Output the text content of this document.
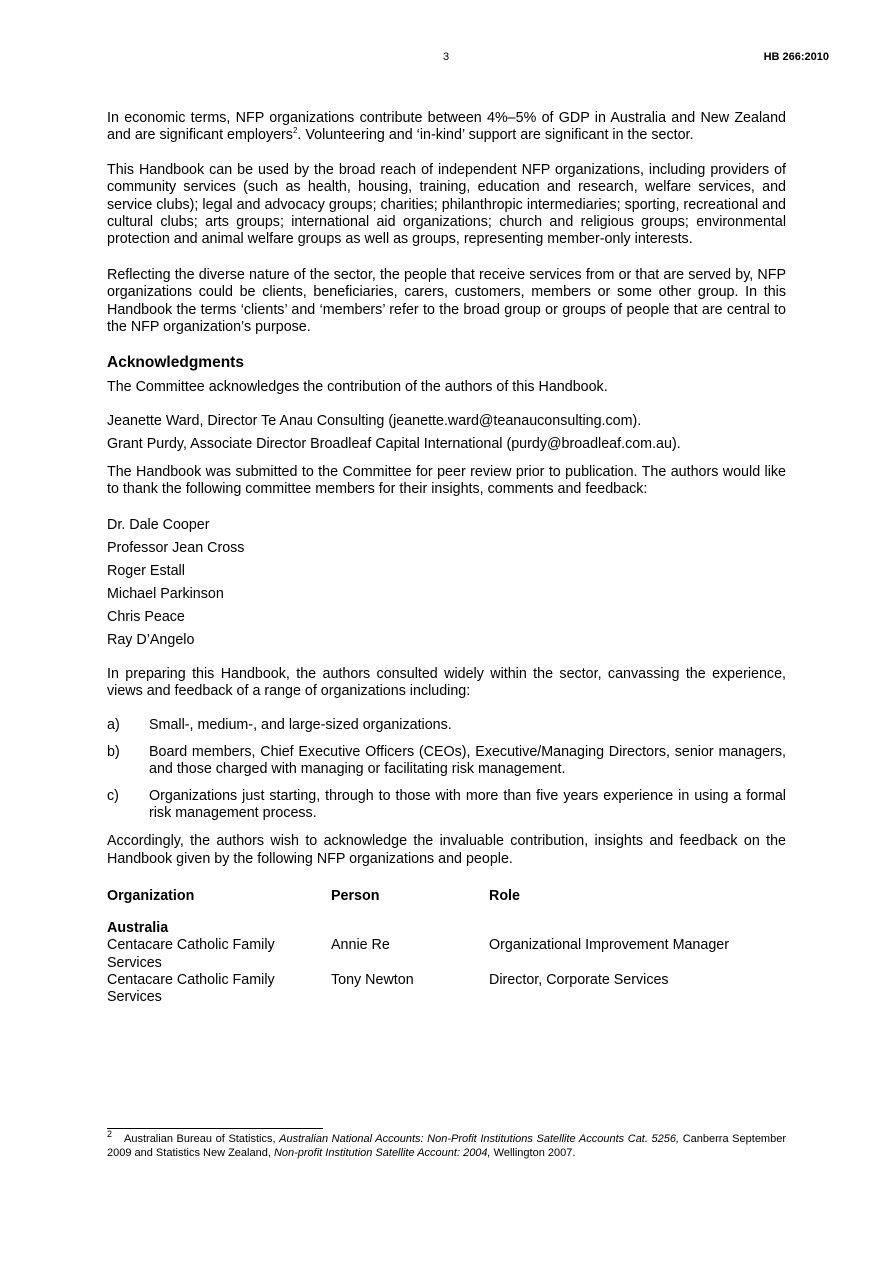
3	HB 266:2010

In economic terms, NFP organizations contribute between 4%–5% of GDP in Australia and New Zealand and are significant employers$^2$. Volunteering and ‘in-kind’ support are significant in the sector.

This Handbook can be used by the broad reach of independent NFP organizations, including providers of community services (such as health, housing, training, education and research, welfare services, and service clubs); legal and advocacy groups; charities; philanthropic intermediaries; sporting, recreational and cultural clubs; arts groups; international aid organizations; church and religious groups; environmental protection and animal welfare groups as well as groups, representing member-only interests.

Reflecting the diverse nature of the sector, the people that receive services from or that are served by, NFP organizations could be clients, beneficiaries, carers, customers, members or some other group. In this Handbook the terms ‘clients’ and ‘members’ refer to the broad group or groups of people that are central to the NFP organization’s purpose.

Acknowledgments

The Committee acknowledges the contribution of the authors of this Handbook.

Jeanette Ward, Director Te Anau Consulting (jeanette.ward@teanauconsulting.com).

Grant Purdy, Associate Director Broadleaf Capital International (purdy@broadleaf.com.au).

The Handbook was submitted to the Committee for peer review prior to publication. The authors would like to thank the following committee members for their insights, comments and feedback:

Dr. Dale Cooper
Professor Jean Cross
Roger Estall
Michael Parkinson
Chris Peace
Ray D’Angelo

In preparing this Handbook, the authors consulted widely within the sector, canvassing the experience, views and feedback of a range of organizations including:

a)	Small-, medium-, and large-sized organizations.
b)	Board members, Chief Executive Officers (CEOs), Executive/Managing Directors, senior managers, and those charged with managing or facilitating risk management.
c)	Organizations just starting, through to those with more than five years experience in using a formal risk management process.

Accordingly, the authors wish to acknowledge the invaluable contribution, insights and feedback on the Handbook given by the following NFP organizations and people.

Organization	Person	Role
Australia		
Centacare Catholic Family Services	Annie Re	Organizational Improvement Manager
Centacare Catholic Family Services	Tony Newton	Director, Corporate Services
$^2$ Australian Bureau of Statistics, Australian National Accounts: Non-Profit Institutions Satellite Accounts Cat. 5256, Canberra September 2009 and Statistics New Zealand, Non-profit Institution Satellite Account: 2004, Wellington 2007.
